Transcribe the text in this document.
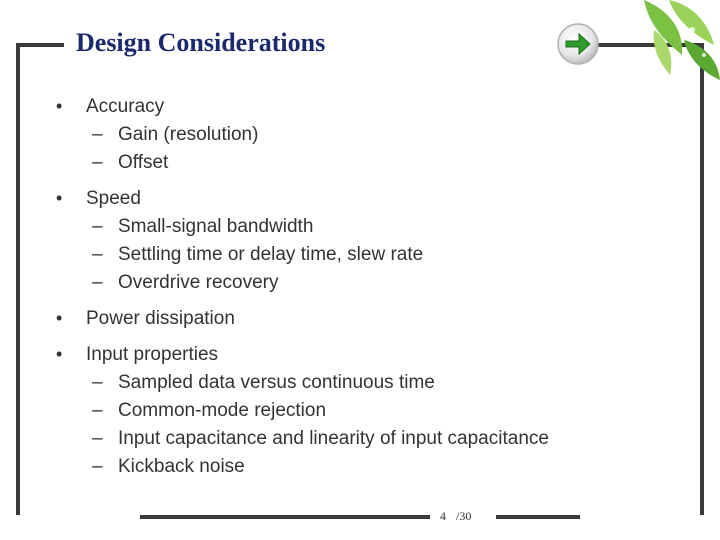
Design Considerations
•	Accuracy
– Gain (resolution)
– Offset
•	Speed
– Small-signal bandwidth
– Settling time or delay time, slew rate
– Overdrive recovery
•	Power dissipation
•	Input properties
– Sampled data versus continuous time
– Common-mode rejection
– Input capacitance and linearity of input capacitance
– Kickback noise
4 /30
